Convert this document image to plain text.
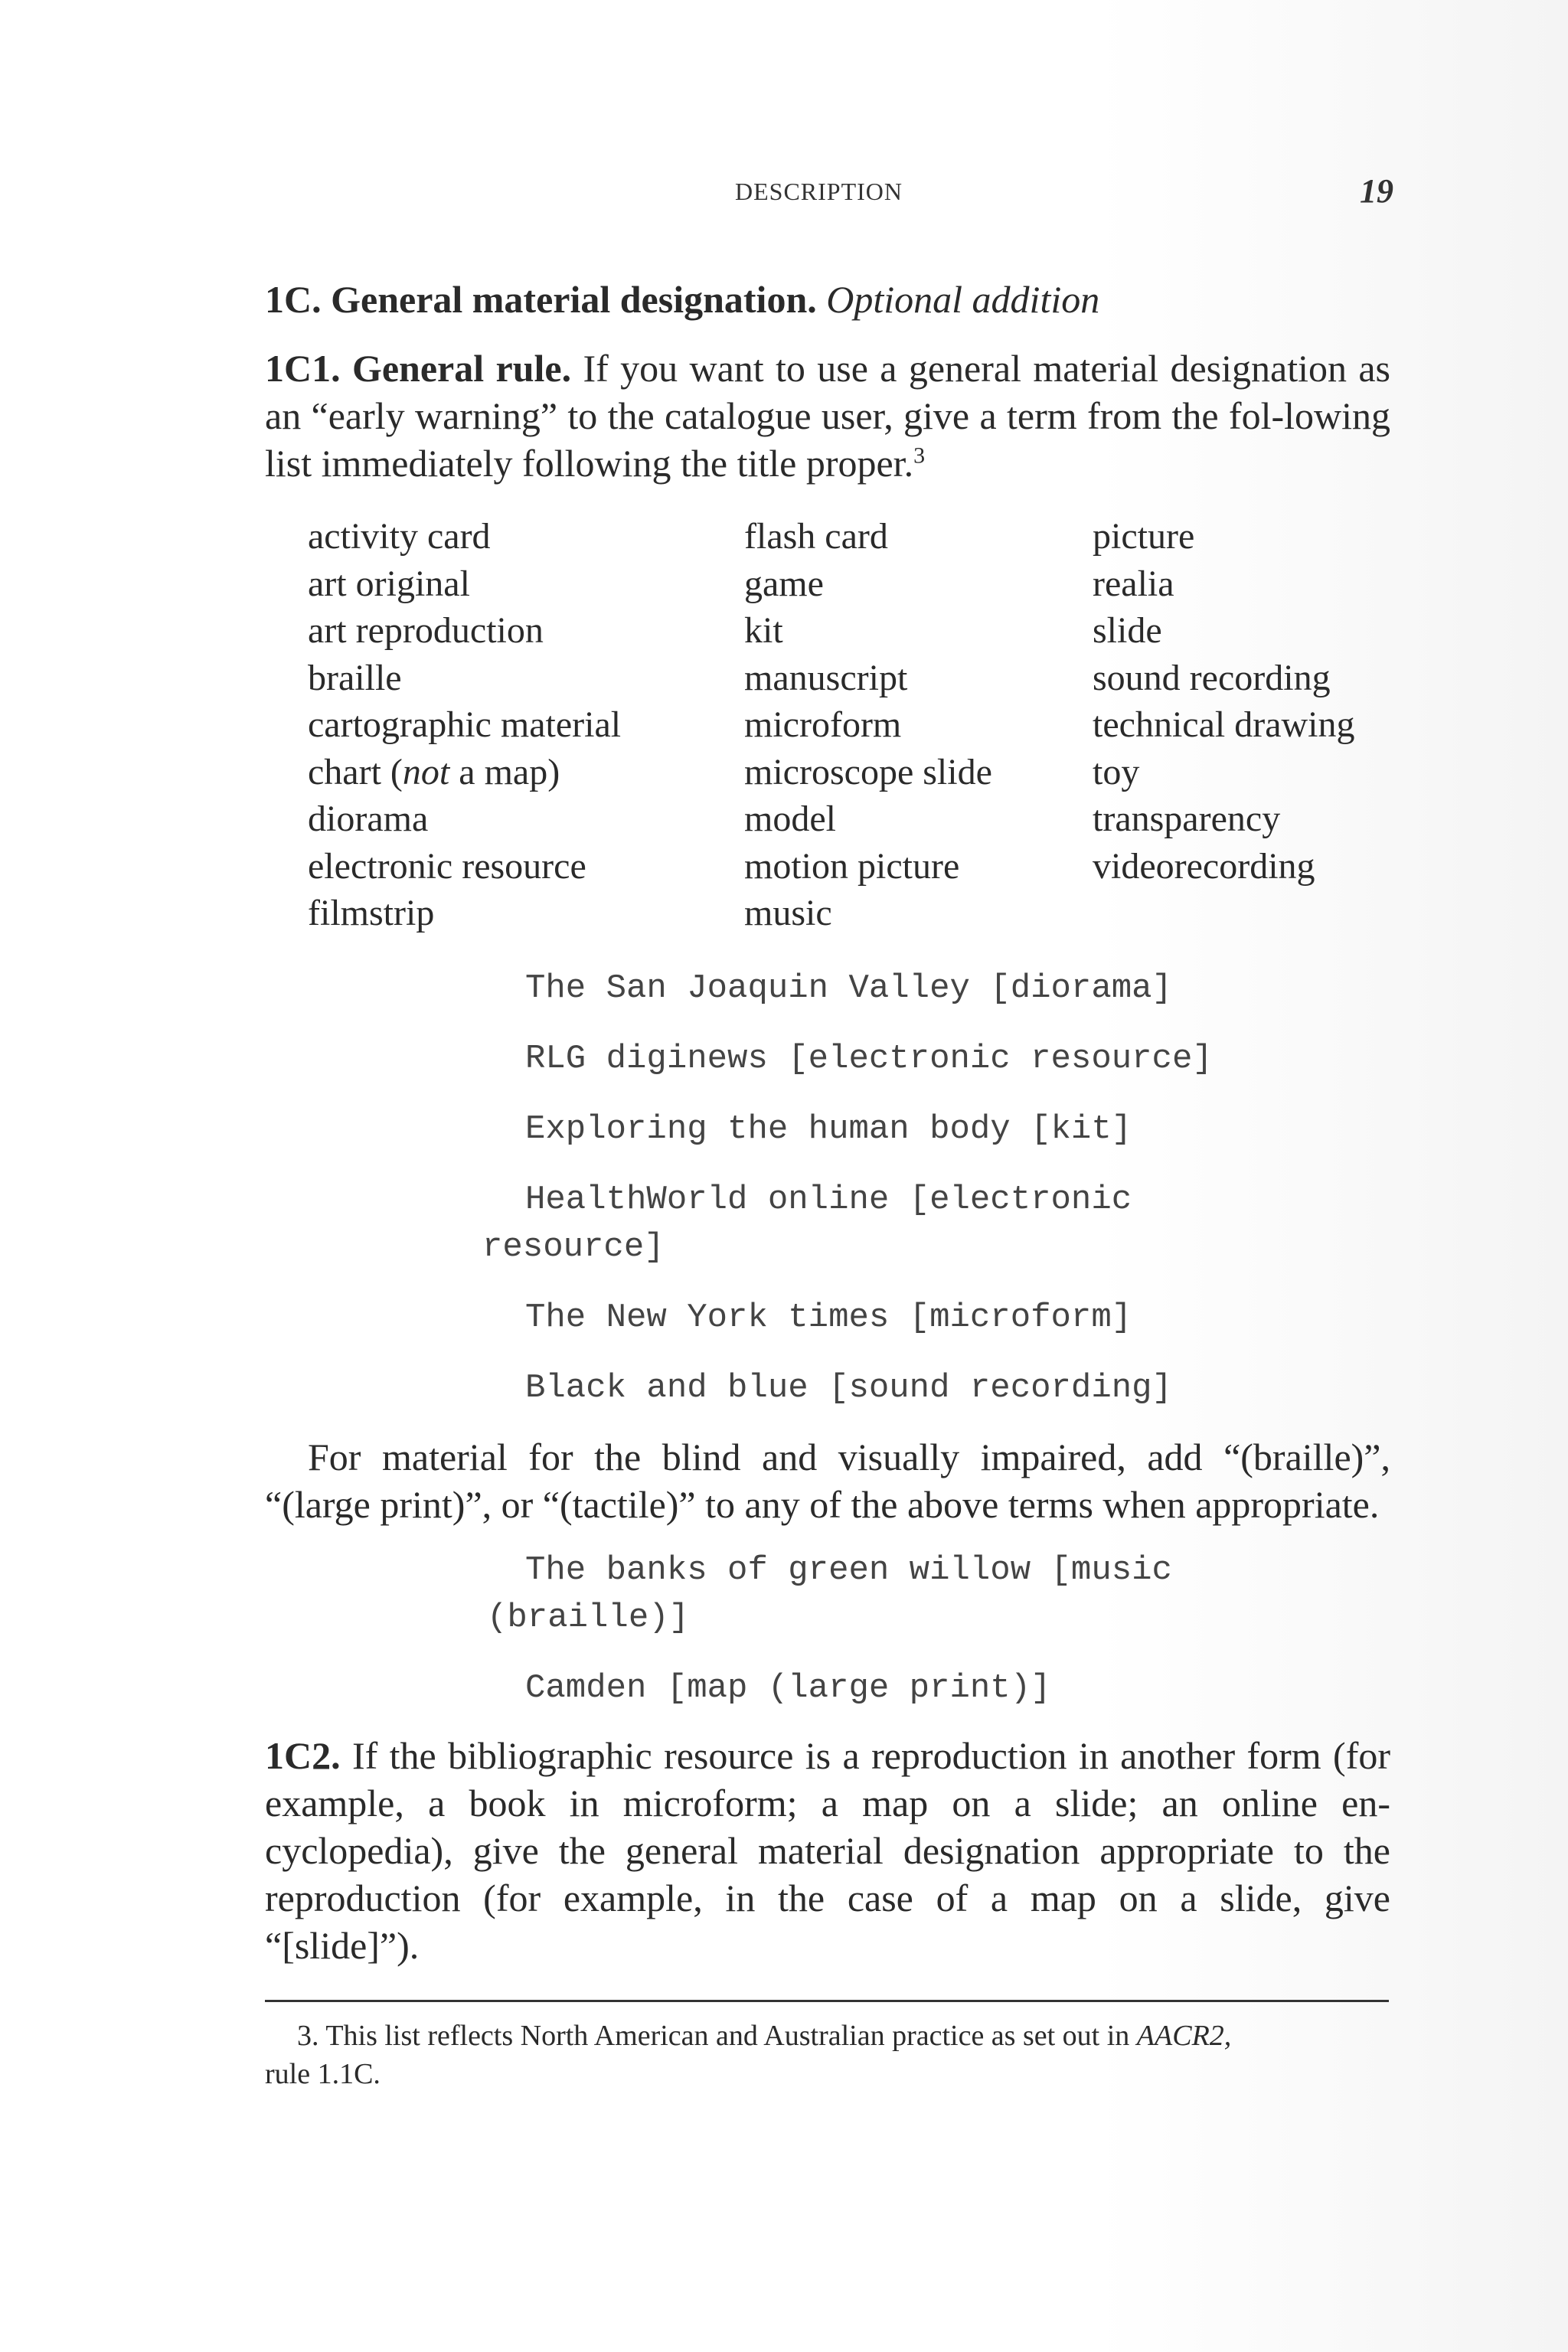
DESCRIPTION	19
1C. General material designation. Optional addition
1C1. General rule. If you want to use a general material designation as an “early warning” to the catalogue user, give a term from the fol-lowing list immediately following the title proper.$^3$
activity card
art original
art reproduction
braille
cartographic material
chart (not a map)
diorama
electronic resource
filmstrip
flash card
game
kit
manuscript
microform
microscope slide
model
motion picture
music
picture
realia
slide
sound recording
technical drawing
toy
transparency
videorecording
The San Joaquin Valley [diorama]
RLG diginews [electronic resource]
Exploring the human body [kit]
HealthWorld online [electronic
resource]
The New York times [microform]
Black and blue [sound recording]
For material for the blind and visually impaired, add “(braille)”, “(large print)”, or “(tactile)” to any of the above terms when appropriate.
The banks of green willow [music
(braille)]
Camden [map (large print)]
1C2. If the bibliographic resource is a reproduction in another form (for example, a book in microform; a map on a slide; an online en-cyclopedia), give the general material designation appropriate to the reproduction (for example, in the case of a map on a slide, give “[slide]”).
3. This list reflects North American and Australian practice as set out in AACR2,
rule 1.1C.
